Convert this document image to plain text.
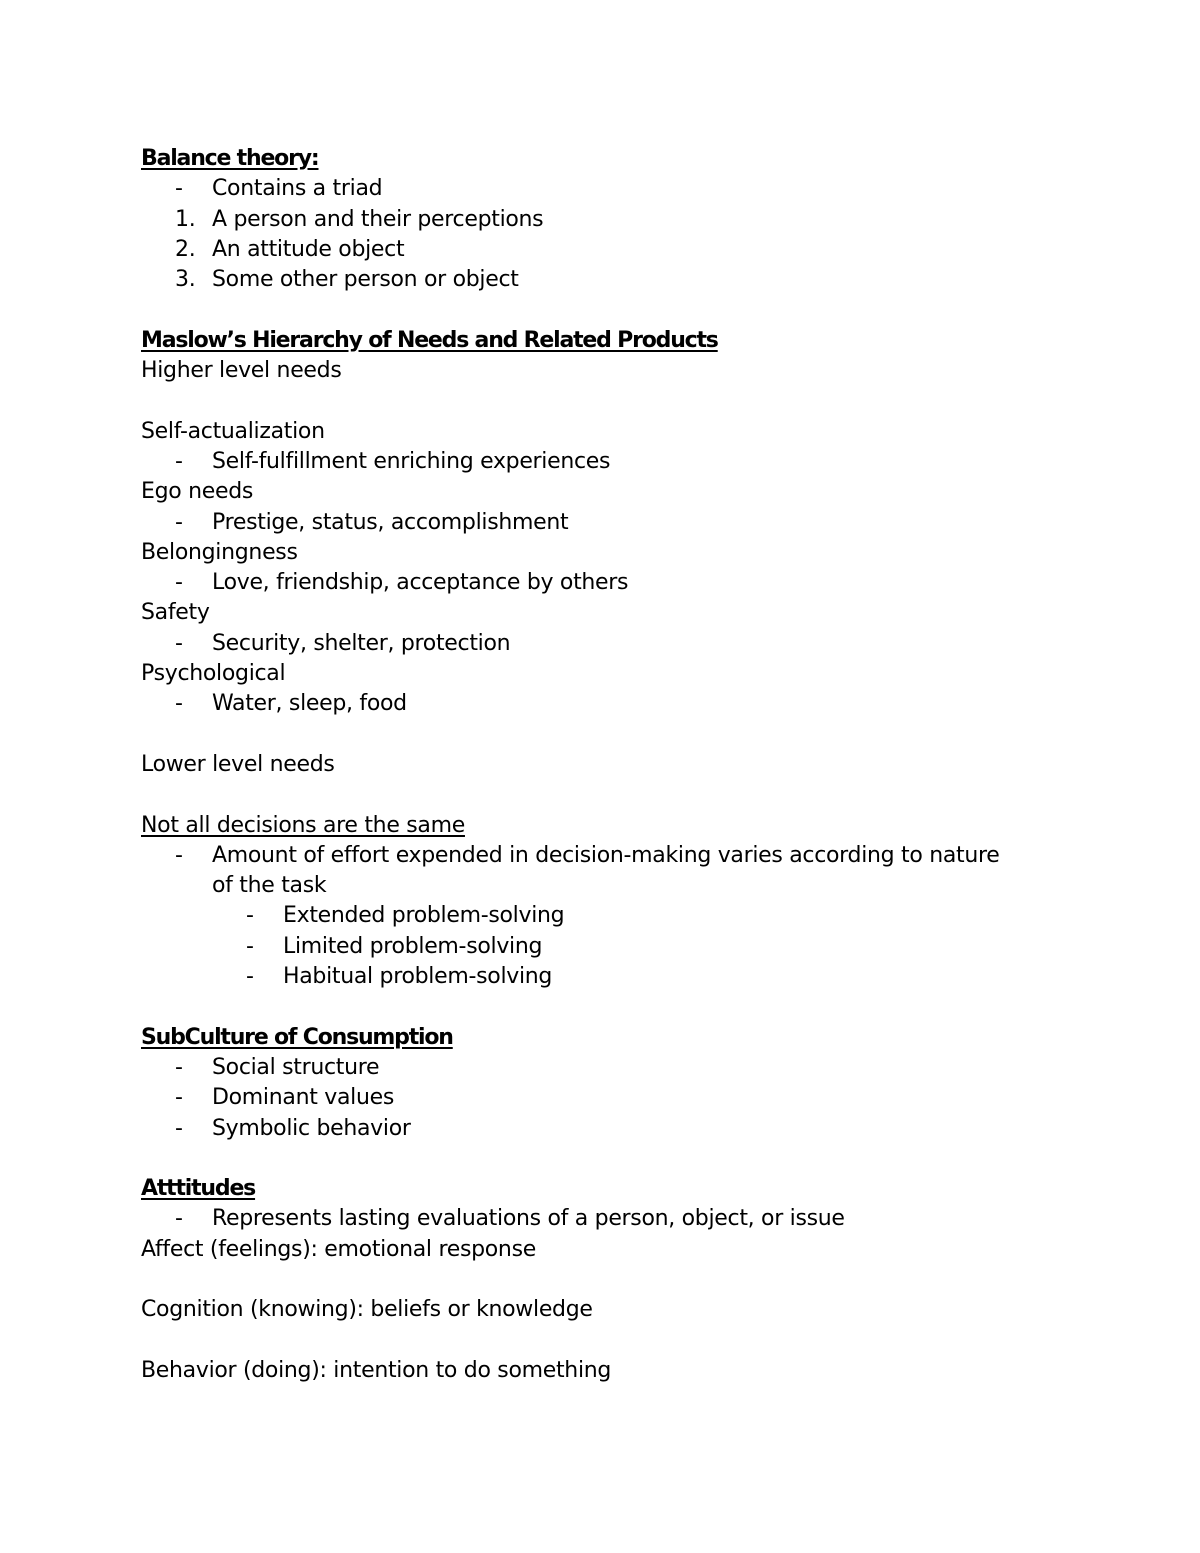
Balance theory:
- Contains a triad
1. A person and their perceptions
2. An attitude object
3. Some other person or object
Maslow’s Hierarchy of Needs and Related Products
Higher level needs
Self-actualization
- Self-fulfillment enriching experiences
Ego needs
- Prestige, status, accomplishment
Belongingness
- Love, friendship, acceptance by others
Safety
- Security, shelter, protection
Psychological
- Water, sleep, food
Lower level needs
Not all decisions are the same
- Amount of effort expended in decision-making varies according to nature
of the task
- Extended problem-solving
- Limited problem-solving
- Habitual problem-solving
SubCulture of Consumption
- Social structure
- Dominant values
- Symbolic behavior
Atttitudes
- Represents lasting evaluations of a person, object, or issue
Affect (feelings): emotional response
Cognition (knowing): beliefs or knowledge
Behavior (doing): intention to do something
